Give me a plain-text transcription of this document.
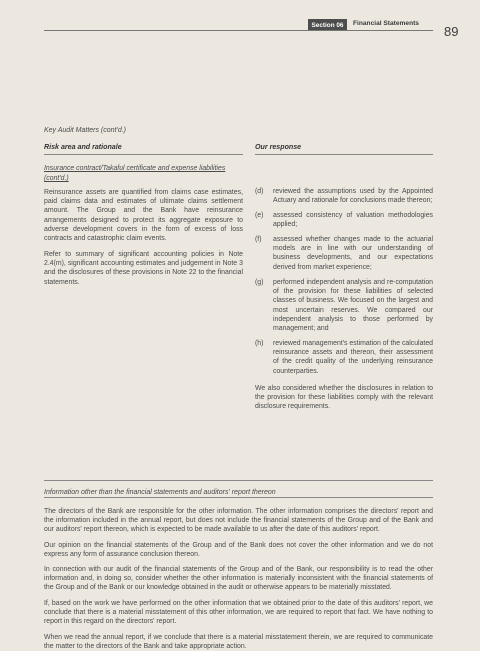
Section 06	Financial Statements
89
Key Audit Matters (cont'd.)
Risk area and rationale	Our response
Insurance contract/Takaful certificate and expense liabilities (cont'd.)

Reinsurance assets are quantified from claims case estimates, paid claims data and estimates of ultimate claims settlement amount. The Group and the Bank have reinsurance arrangements designed to protect its aggregate exposure to adverse development covers in the form of excess of loss contracts and catastrophic claim events.

Refer to summary of significant accounting policies in Note 2.4(m), significant accounting estimates and judgement in Note 3 and the disclosures of these provisions in Note 22 to the financial statements.

(d)	reviewed the assumptions used by the Appointed Actuary and rationale for conclusions made thereon;

(e)	assessed consistency of valuation methodologies applied;

(f)	assessed whether changes made to the actuarial models are in line with our understanding of business developments, and our expectations derived from market experience;

(g)	performed independent analysis and re-computation of the provision for these liabilities of selected classes of business. We focused on the largest and most uncertain reserves. We compared our independent analysis to those performed by management; and

(h)	reviewed management's estimation of the calculated reinsurance assets and thereon, their assessment of the credit quality of the underlying reinsurance counterparties.

We also considered whether the disclosures in relation to the provision for these liabilities comply with the relevant disclosure requirements.

Information other than the financial statements and auditors' report thereon

The directors of the Bank are responsible for the other information. The other information comprises the directors' report and the information included in the annual report, but does not include the financial statements of the Group and of the Bank and our auditors' report thereon, which is expected to be made available to us after the date of this auditors' report.

Our opinion on the financial statements of the Group and of the Bank does not cover the other information and we do not express any form of assurance conclusion thereon.

In connection with our audit of the financial statements of the Group and of the Bank, our responsibility is to read the other information and, in doing so, consider whether the other information is materially inconsistent with the financial statements of the Group and of the Bank or our knowledge obtained in the audit or otherwise appears to be materially misstated.

If, based on the work we have performed on the other information that we obtained prior to the date of this auditors' report, we conclude that there is a material misstatement of this other information, we are required to report that fact. We have nothing to report in this regard on the directors' report.

When we read the annual report, if we conclude that there is a material misstatement therein, we are required to communicate the matter to the directors of the Bank and take appropriate action.
